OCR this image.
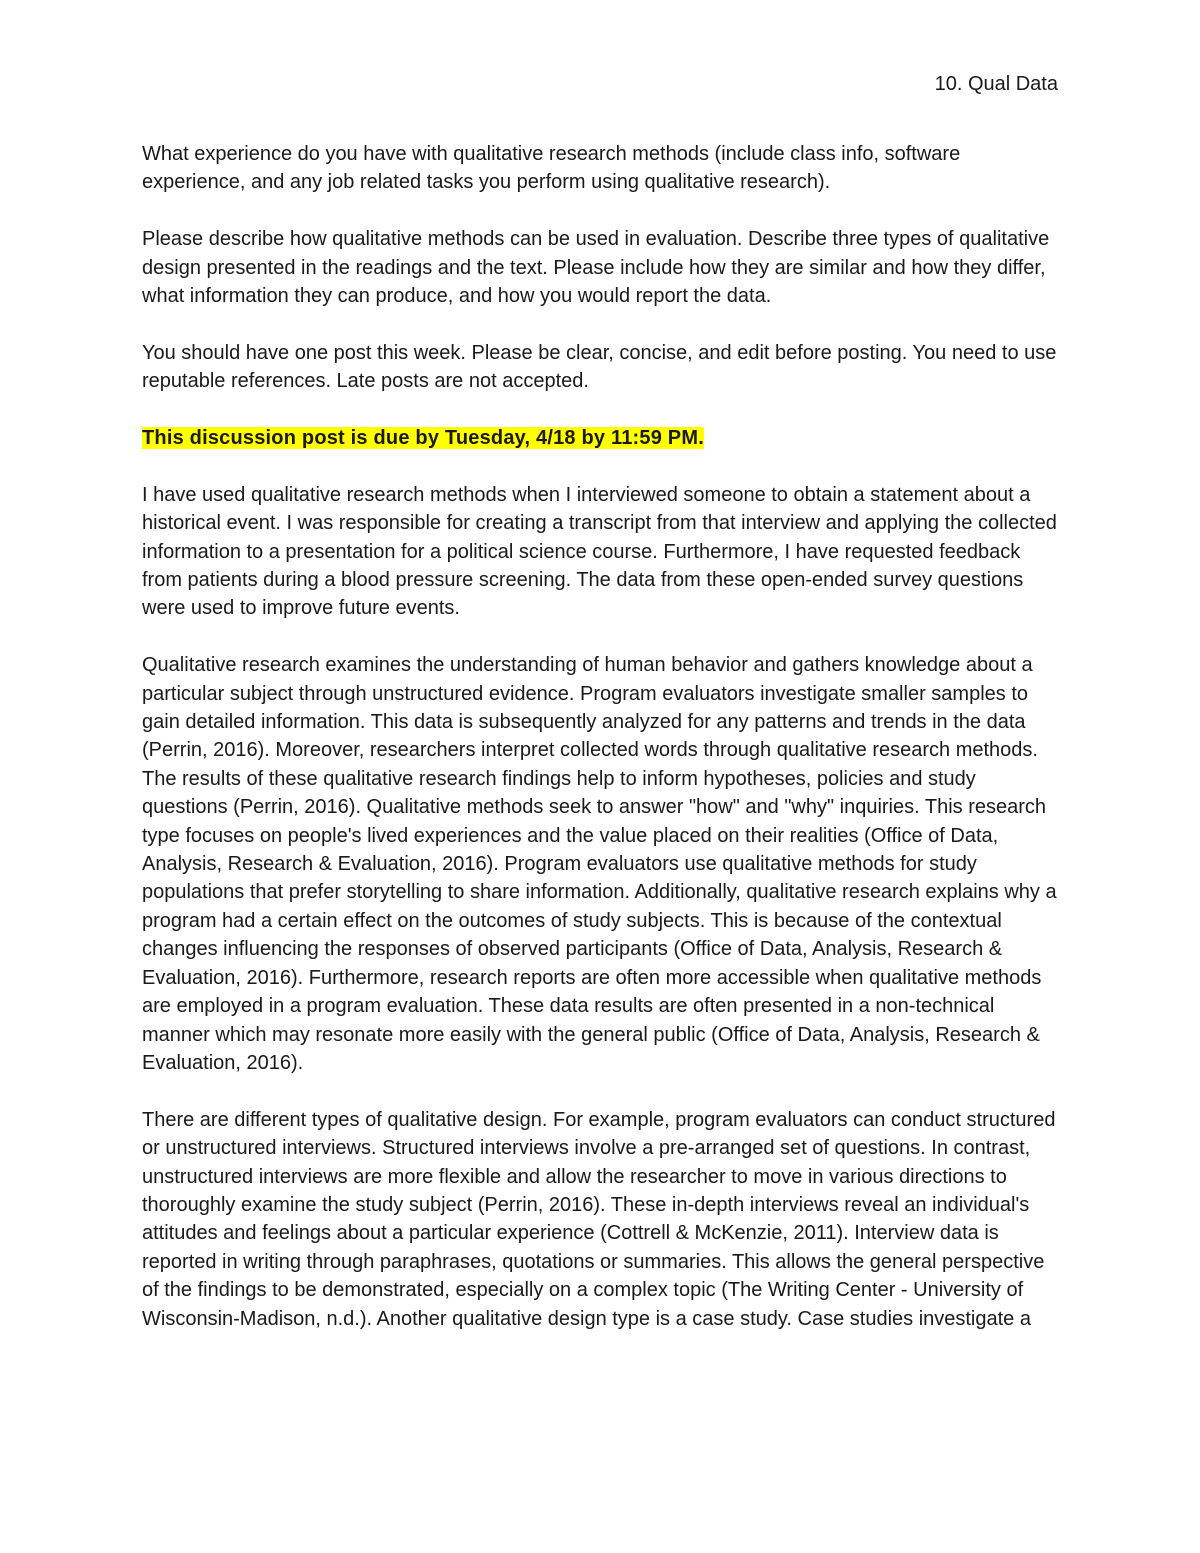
10. Qual Data

What experience do you have with qualitative research methods (include class info, software experience, and any job related tasks you perform using qualitative research).

Please describe how qualitative methods can be used in evaluation. Describe three types of qualitative design presented in the readings and the text. Please include how they are similar and how they differ, what information they can produce, and how you would report the data.

You should have one post this week. Please be clear, concise, and edit before posting. You need to use reputable references. Late posts are not accepted.

This discussion post is due by Tuesday, 4/18 by 11:59 PM.

I have used qualitative research methods when I interviewed someone to obtain a statement about a historical event. I was responsible for creating a transcript from that interview and applying the collected information to a presentation for a political science course. Furthermore, I have requested feedback from patients during a blood pressure screening. The data from these open-ended survey questions were used to improve future events.

Qualitative research examines the understanding of human behavior and gathers knowledge about a particular subject through unstructured evidence. Program evaluators investigate smaller samples to gain detailed information. This data is subsequently analyzed for any patterns and trends in the data (Perrin, 2016). Moreover, researchers interpret collected words through qualitative research methods. The results of these qualitative research findings help to inform hypotheses, policies and study questions (Perrin, 2016). Qualitative methods seek to answer "how" and "why" inquiries. This research type focuses on people's lived experiences and the value placed on their realities (Office of Data, Analysis, Research & Evaluation, 2016). Program evaluators use qualitative methods for study populations that prefer storytelling to share information. Additionally, qualitative research explains why a program had a certain effect on the outcomes of study subjects. This is because of the contextual changes influencing the responses of observed participants (Office of Data, Analysis, Research & Evaluation, 2016). Furthermore, research reports are often more accessible when qualitative methods are employed in a program evaluation. These data results are often presented in a non-technical manner which may resonate more easily with the general public (Office of Data, Analysis, Research & Evaluation, 2016).

There are different types of qualitative design. For example, program evaluators can conduct structured or unstructured interviews. Structured interviews involve a pre-arranged set of questions. In contrast, unstructured interviews are more flexible and allow the researcher to move in various directions to thoroughly examine the study subject (Perrin, 2016). These in-depth interviews reveal an individual's attitudes and feelings about a particular experience (Cottrell & McKenzie, 2011). Interview data is reported in writing through paraphrases, quotations or summaries. This allows the general perspective of the findings to be demonstrated, especially on a complex topic (The Writing Center - University of Wisconsin-Madison, n.d.). Another qualitative design type is a case study. Case studies investigate a
